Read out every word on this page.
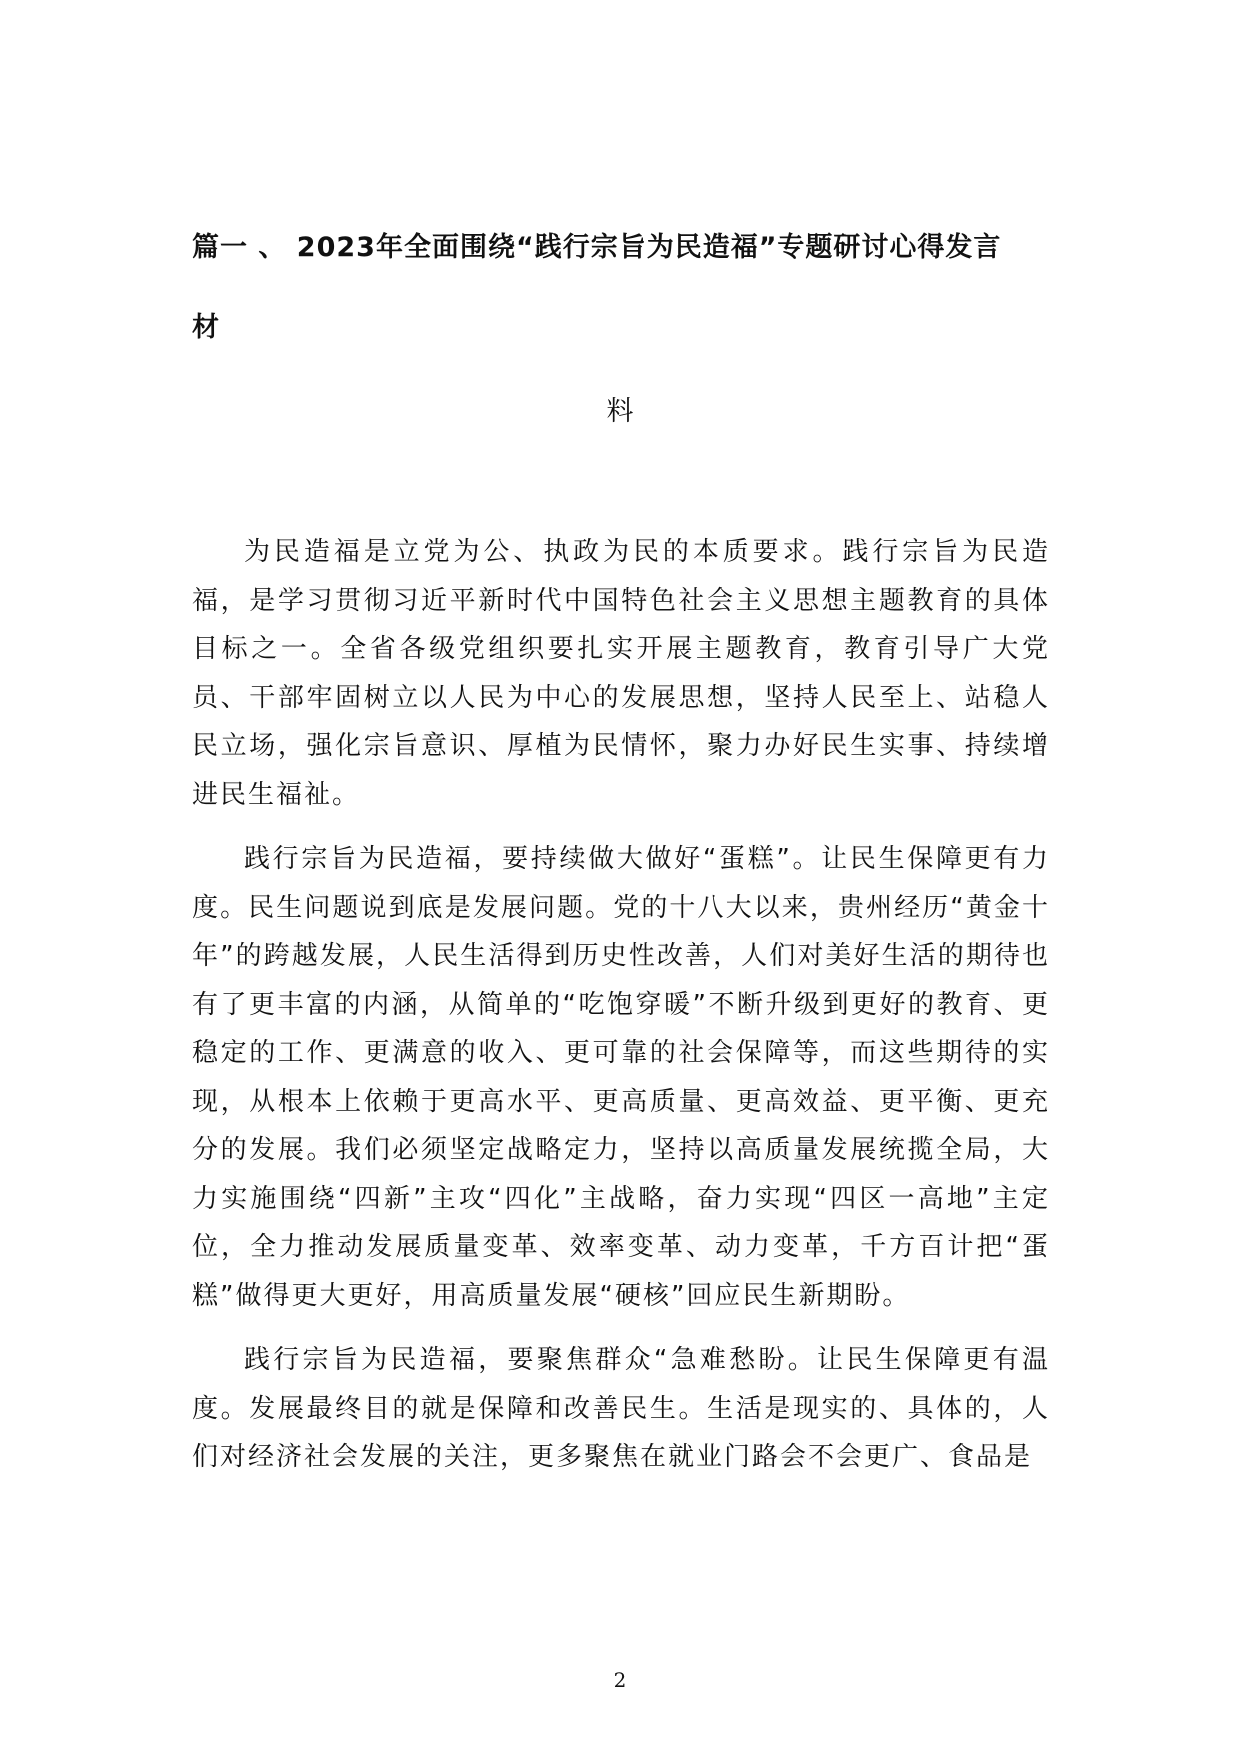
篇一 、 2023年全面围绕“践行宗旨为民造福”专题研讨心得发言
材
料

为民造福是立党为公、执政为民的本质要求。践行宗旨为民造福，是学习贯彻习近平新时代中国特色社会主义思想主题教育的具体目标之一。全省各级党组织要扎实开展主题教育，教育引导广大党员、干部牢固树立以人民为中心的发展思想，坚持人民至上、站稳人民立场，强化宗旨意识、厚植为民情怀，聚力办好民生实事、持续增进民生福祉。

践行宗旨为民造福，要持续做大做好“蛋糕”。让民生保障更有力度。民生问题说到底是发展问题。党的十八大以来，贵州经历“黄金十年”的跨越发展，人民生活得到历史性改善，人们对美好生活的期待也有了更丰富的内涵，从简单的“吃饱穿暖”不断升级到更好的教育、更稳定的工作、更满意的收入、更可靠的社会保障等，而这些期待的实现，从根本上依赖于更高水平、更高质量、更高效益、更平衡、更充分的发展。我们必须坚定战略定力，坚持以高质量发展统揽全局，大力实施围绕“四新”主攻“四化”主战略，奋力实现“四区一高地”主定位，全力推动发展质量变革、效率变革、动力变革，千方百计把“蛋糕”做得更大更好，用高质量发展“硬核”回应民生新期盼。

践行宗旨为民造福，要聚焦群众“急难愁盼。让民生保障更有温度。发展最终目的就是保障和改善民生。生活是现实的、具体的，人们对经济社会发展的关注，更多聚焦在就业门路会不会更广、食品是

2
